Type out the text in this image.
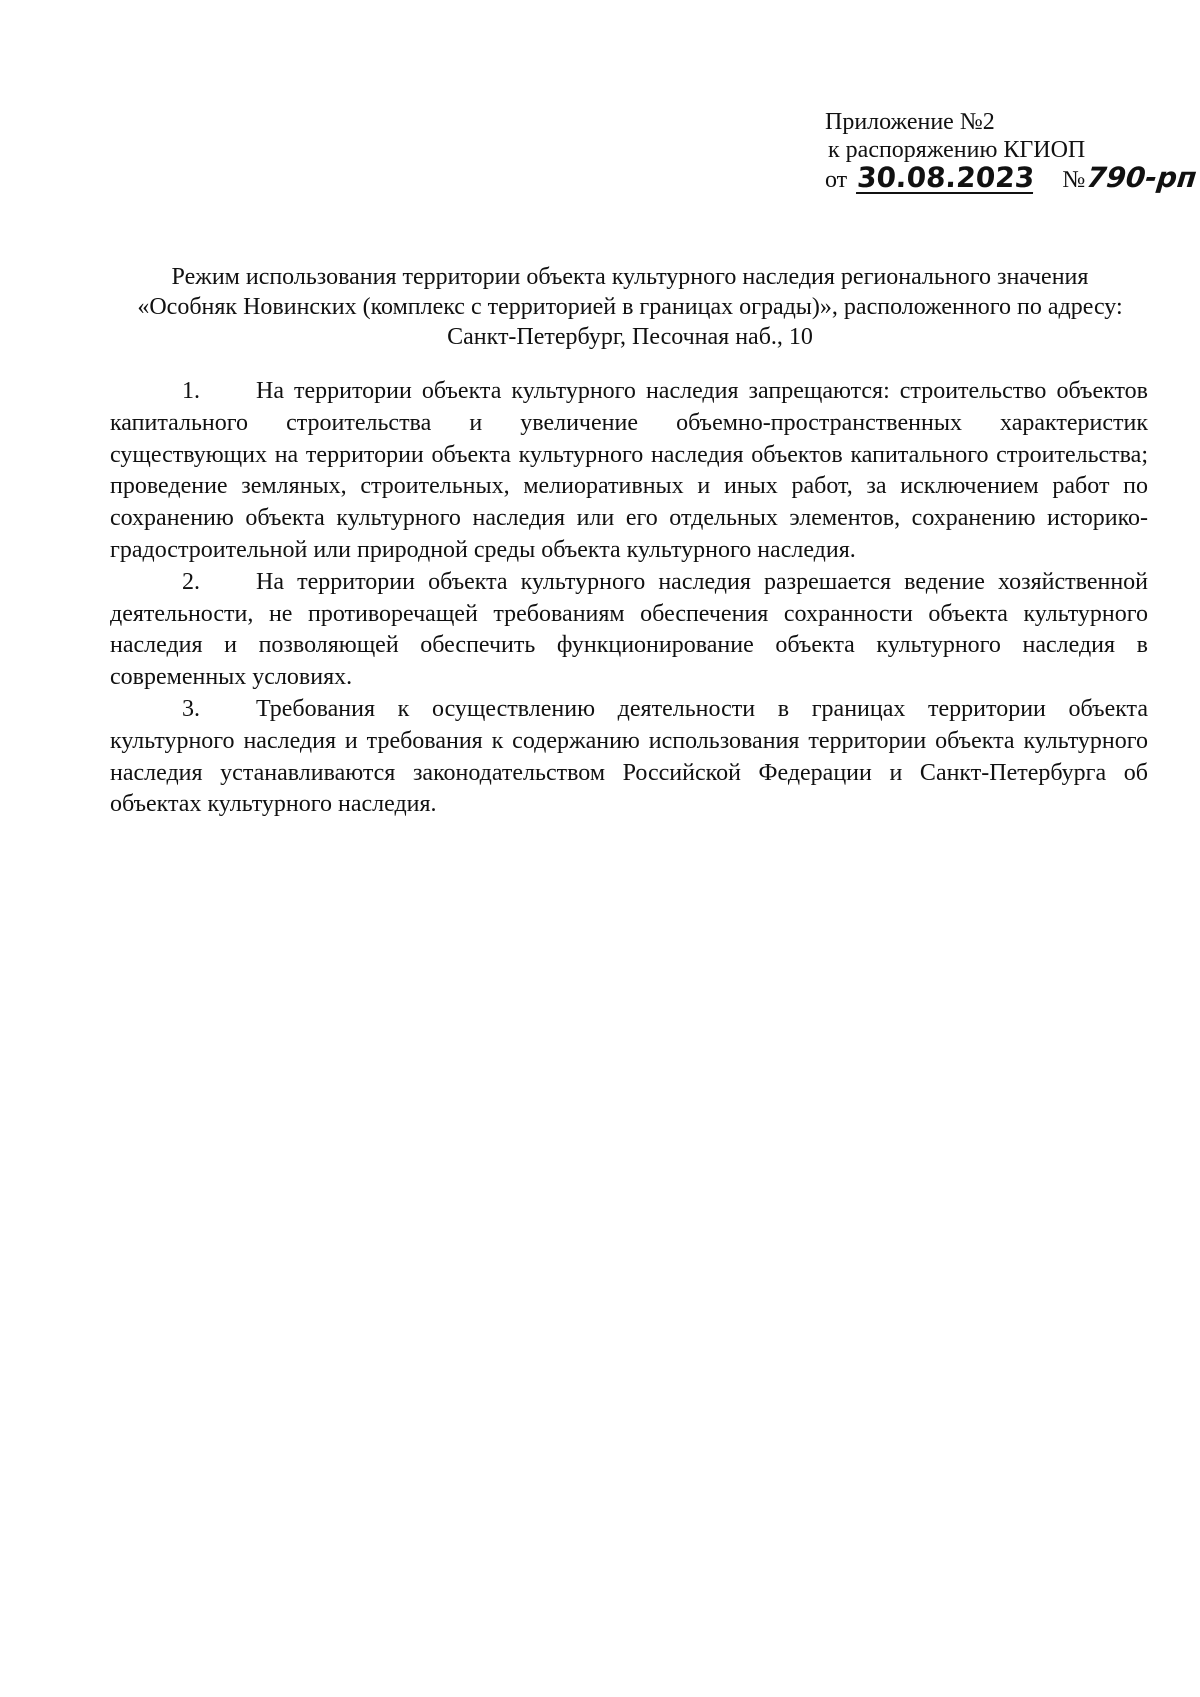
Приложение №2
к распоряжению КГИОП
от 30.08.2023 №790-рп
Режим использования территории объекта культурного наследия регионального значения
«Особняк Новинских (комплекс с территорией в границах ограды)», расположенного по адресу:
Санкт-Петербург, Песочная наб., 10

1. На территории объекта культурного наследия запрещаются: строительство объектов капитального строительства и увеличение объемно-пространственных характеристик существующих на территории объекта культурного наследия объектов капитального строительства; проведение земляных, строительных, мелиоративных и иных работ, за исключением работ по сохранению объекта культурного наследия или его отдельных элементов, сохранению историко-градостроительной или природной среды объекта культурного наследия.

2. На территории объекта культурного наследия разрешается ведение хозяйственной деятельности, не противоречащей требованиям обеспечения сохранности объекта культурного наследия и позволяющей обеспечить функционирование объекта культурного наследия в современных условиях.

3. Требования к осуществлению деятельности в границах территории объекта культурного наследия и требования к содержанию использования территории объекта культурного наследия устанавливаются законодательством Российской Федерации и Санкт-Петербурга об объектах культурного наследия.
